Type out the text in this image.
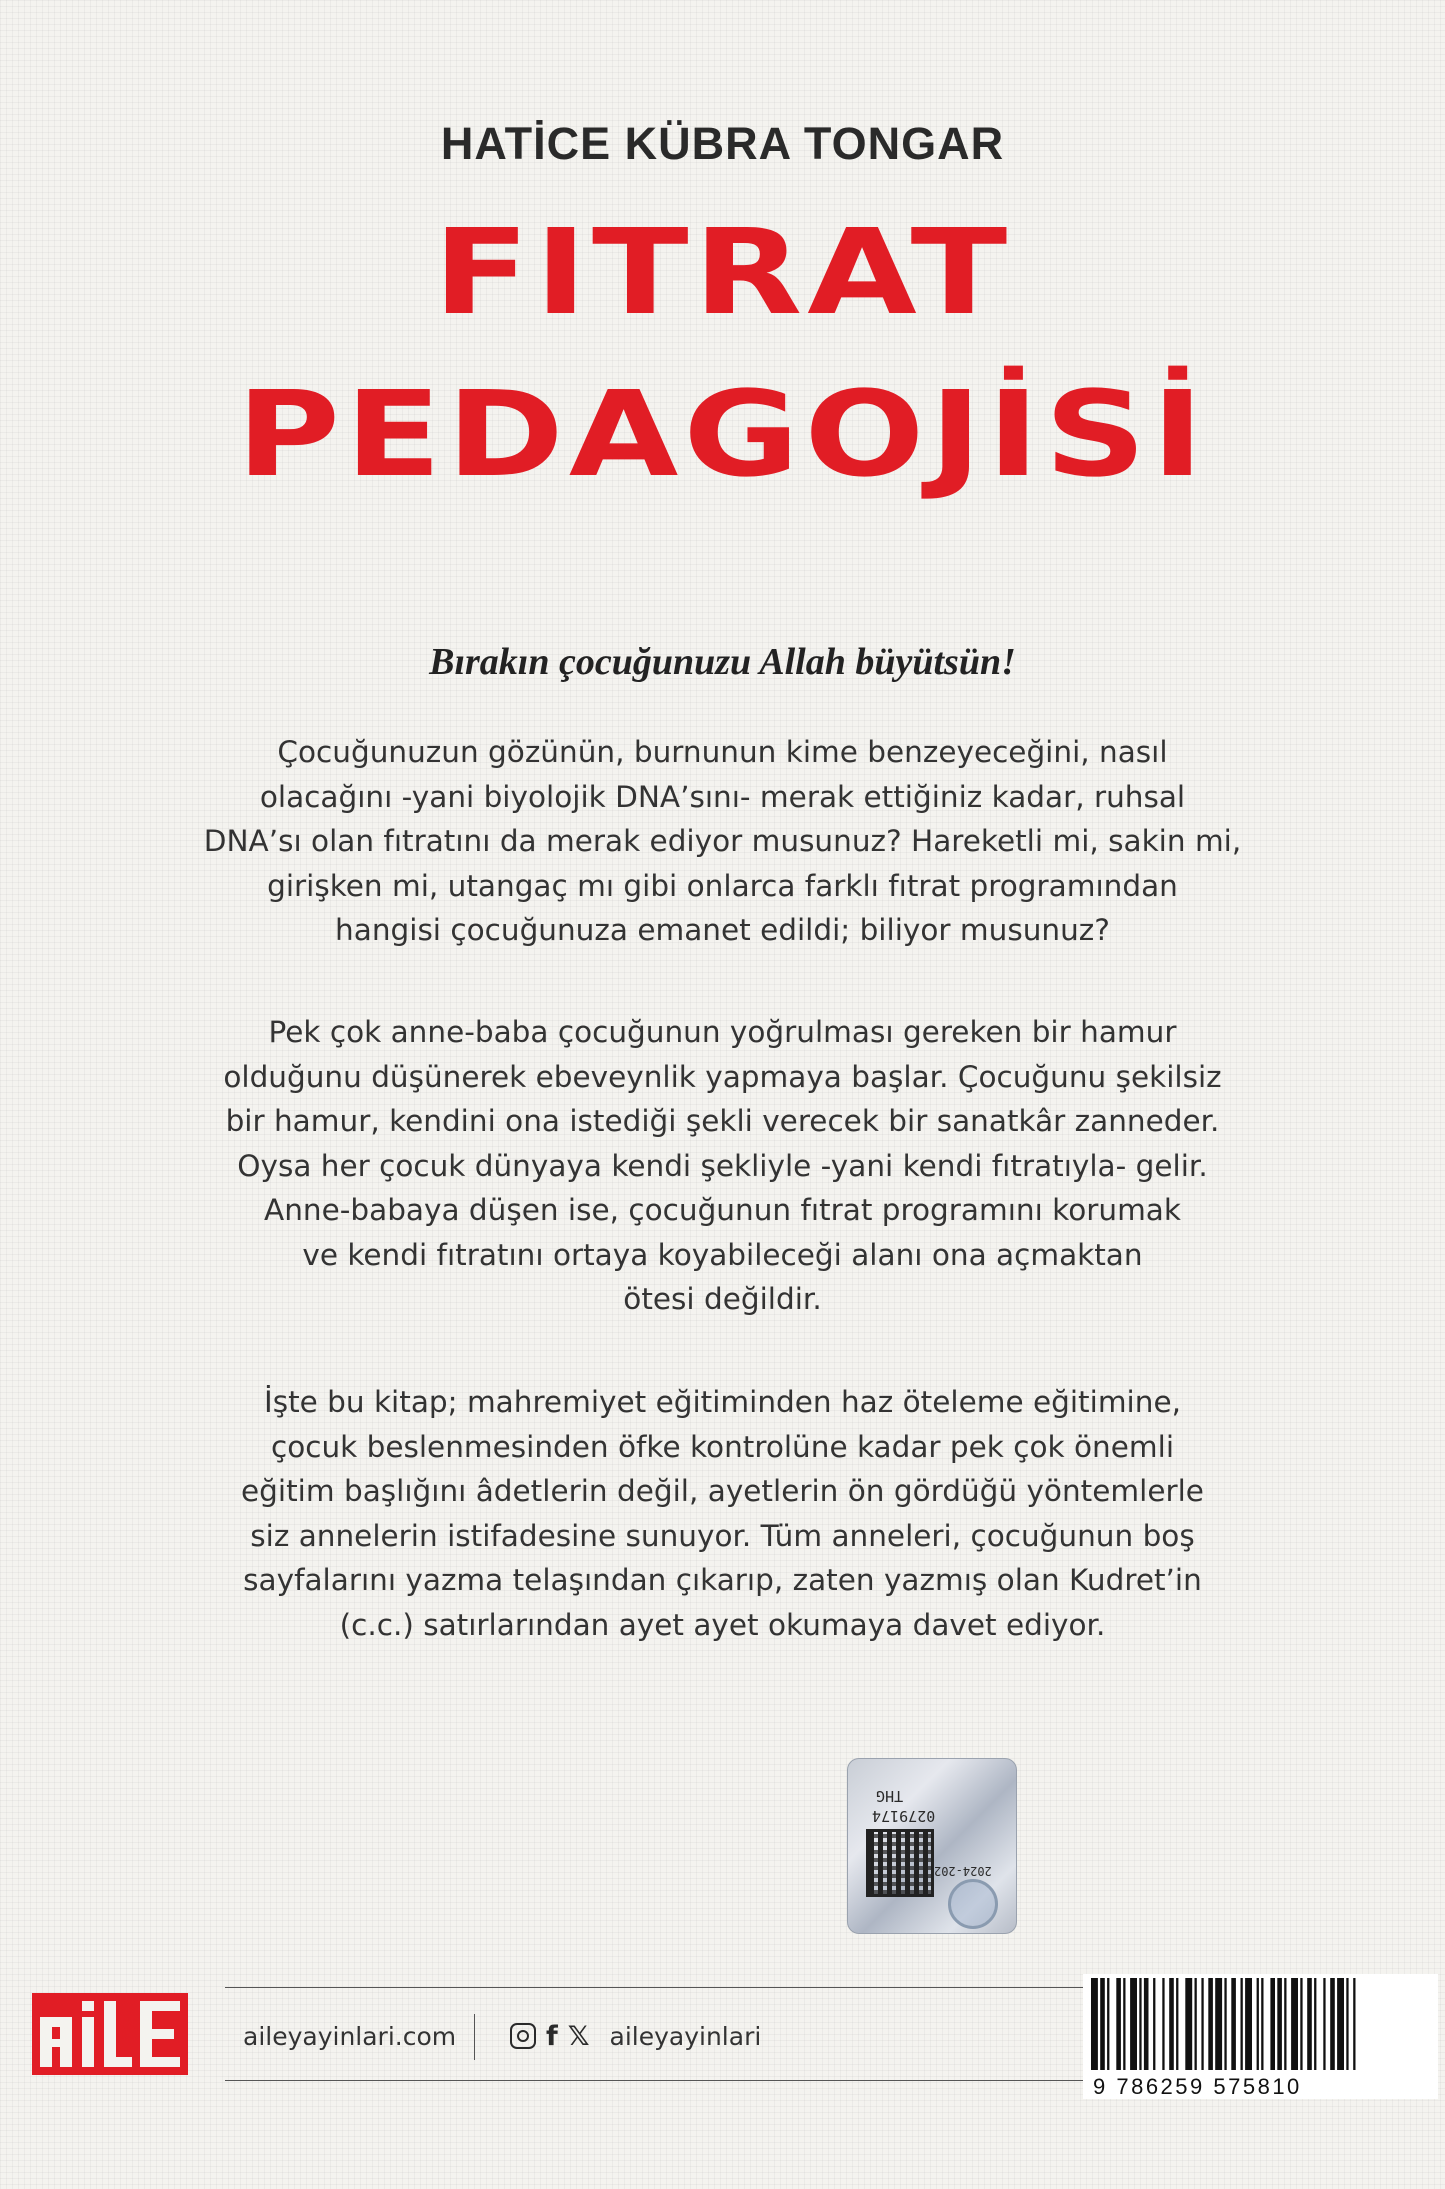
HATİCE KÜBRA TONGAR
FITRAT
PEDAGOJİSİ
Bırakın çocuğunuzu Allah büyütsün!
Çocuğunuzun gözünün, burnunun kime benzeyeceğini, nasıl
olacağını -yani biyolojik DNA’sını- merak ettiğiniz kadar, ruhsal
DNA’sı olan fıtratını da merak ediyor musunuz? Hareketli mi, sakin mi,
girişken mi, utangaç mı gibi onlarca farklı fıtrat programından
hangisi çocuğunuza emanet edildi; biliyor musunuz?
Pek çok anne-baba çocuğunun yoğrulması gereken bir hamur
olduğunu düşünerek ebeveynlik yapmaya başlar. Çocuğunu şekilsiz
bir hamur, kendini ona istediği şekli verecek bir sanatkâr zanneder.
Oysa her çocuk dünyaya kendi şekliyle -yani kendi fıtratıyla- gelir.
Anne-babaya düşen ise, çocuğunun fıtrat programını korumak
ve kendi fıtratını ortaya koyabileceği alanı ona açmaktan
ötesi değildir.
İşte bu kitap; mahremiyet eğitiminden haz öteleme eğitimine,
çocuk beslenmesinden öfke kontrolüne kadar pek çok önemli
eğitim başlığını âdetlerin değil, ayetlerin ön gördüğü yöntemlerle
siz annelerin istifadesine sunuyor. Tüm anneleri, çocuğunun boş
sayfalarını yazma telaşından çıkarıp, zaten yazmış olan Kudret’in
(c.c.) satırlarından ayet ayet okumaya davet ediyor.
THG
0279174
2024-202
aileyayinlari.com	f 𝕏 aileyayinlari
9 786259 575810
